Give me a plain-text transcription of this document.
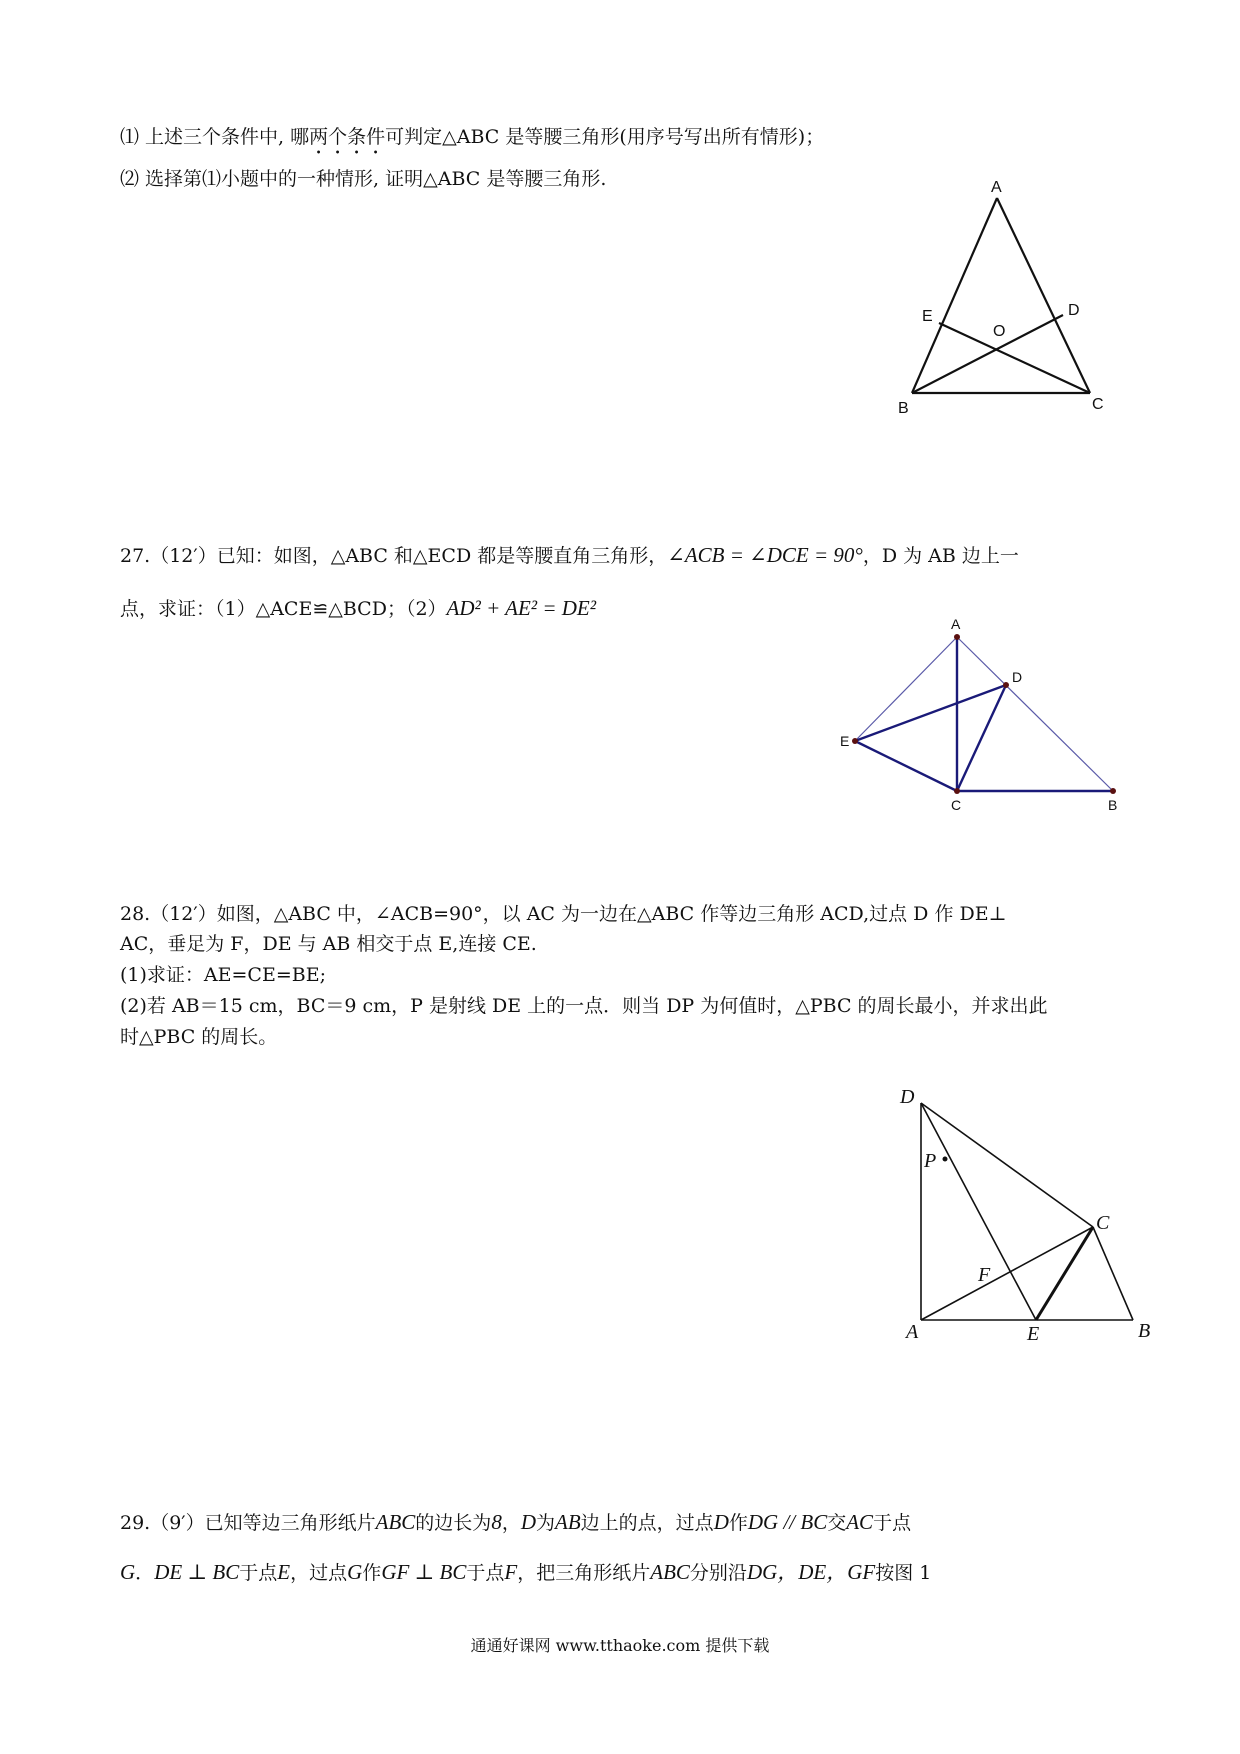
⑴ 上述三个条件中, 哪两个条件可判定△ABC 是等腰三角形(用序号写出所有情形)；
⑵ 选择第⑴小题中的一种情形, 证明△ABC 是等腰三角形.	A
E	D
O
B	C
27.（12′）已知：如图，△ABC 和△ECD 都是等腰直角三角形，∠ACB = ∠DCE = 90°，D 为 AB 边上一
点，求证：（1）△ACE≌△BCD；（2）AD² + AE² = DE²
A
D
E
C	B
28.（12′）如图，△ABC 中，∠ACB=90°，以 AC 为一边在△ABC 作等边三角形 ACD,过点 D 作 DE⊥
AC，垂足为 F，DE 与 AB 相交于点 E,连接 CE.
(1)求证：AE=CE=BE;
(2)若 AB＝15 cm，BC＝9 cm，P 是射线 DE 上的一点．则当 DP 为何值时，△PBC 的周长最小，并求出此
时△PBC 的周长。
D
P
C
F
A	E	B
29.（9′）已知等边三角形纸片ABC的边长为8，D为AB边上的点，过点D作DG // BC交AC于点
G．DE ⊥ BC于点E，过点G作GF ⊥ BC于点F，把三角形纸片ABC分别沿DG，DE，GF按图 1
通通好课网 www.tthaoke.com 提供下载
